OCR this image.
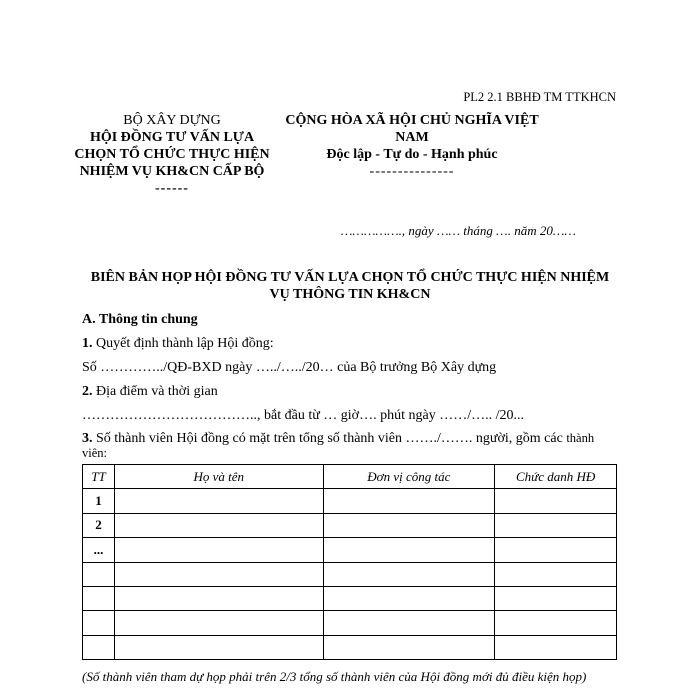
PL2 2.1 BBHĐ TM TTKHCN
BỘ XÂY DỰNG
HỘI ĐỒNG TƯ VẤN LỰA CHỌN TỔ CHỨC THỰC HIỆN NHIỆM VỤ KH&CN CẤP BỘ
------
CỘNG HÒA XÃ HỘI CHỦ NGHĨA VIỆT NAM
Độc lập - Tự do - Hạnh phúc
---------------
……………., ngày …… tháng …. năm 20……
BIÊN BẢN HỌP HỘI ĐỒNG TƯ VẤN LỰA CHỌN TỔ CHỨC THỰC HIỆN NHIỆM VỤ THÔNG TIN KH&CN
A. Thông tin chung
1. Quyết định thành lập Hội đồng:
Số …………../QĐ-BXD ngày …../…../20… của Bộ trưởng Bộ Xây dựng
2. Địa điểm và thời gian
……………………………….., bắt đầu từ … giờ…. phút ngày ……/….. /20...
3. Số thành viên Hội đồng có mặt trên tổng số thành viên ……./……. người, gồm các thành viên:
TT	Họ và tên	Đơn vị công tác	Chức danh HĐ
1			
2			
...			

(Số thành viên tham dự họp phải trên 2/3 tổng số thành viên của Hội đồng mới đủ điều kiện họp)
